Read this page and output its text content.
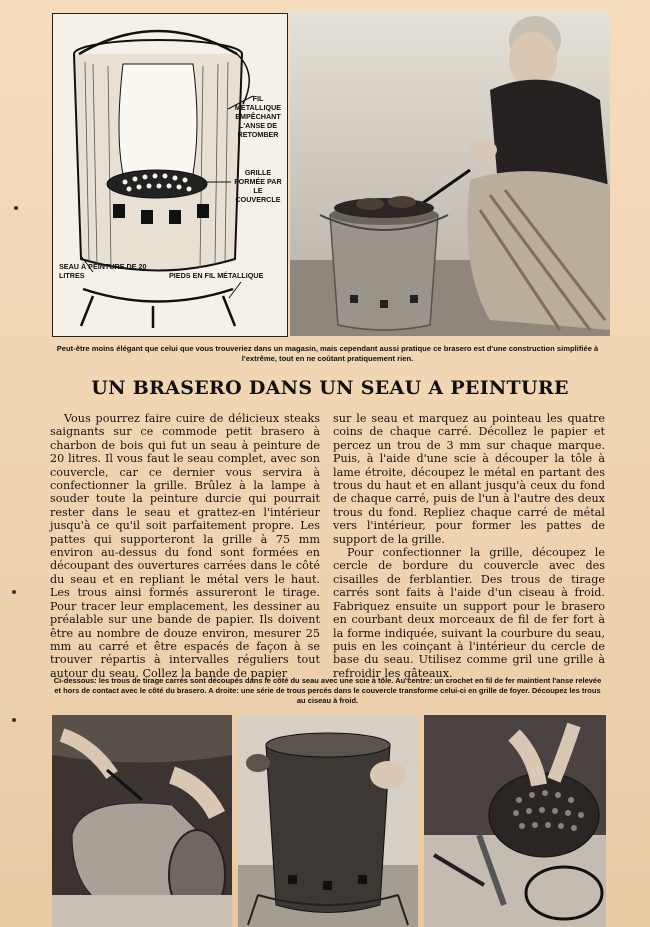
FIL MÉTALLIQUE EMPÊCHANT L'ANSE DE RETOMBER
GRILLE FORMÉE PAR LE COUVERCLE
SEAU À PEINTURE DE 20 LITRES	PIEDS EN FIL MÉTALLIQUE
Peut-être moins élégant que celui que vous trouveriez dans un magasin, mais cependant aussi pratique ce brasero est d'une construction simplifiée à l'extrême, tout en ne coûtant pratiquement rien.
UN BRASERO DANS UN SEAU A PEINTURE

Vous pourrez faire cuire de délicieux steaks saignants sur ce commode petit brasero à charbon de bois qui fut un seau à peinture de 20 litres. Il vous faut le seau complet, avec son couvercle, car ce dernier vous servira à confectionner la grille. Brûlez à la lampe à souder toute la peinture durcie qui pourrait rester dans le seau et grattez-en l'intérieur jusqu'à ce qu'il soit parfaitement propre. Les pattes qui supporteront la grille à 75 mm environ au-dessus du fond sont formées en découpant des ouvertures carrées dans le côté du seau et en repliant le métal vers le haut. Les trous ainsi formés assureront le tirage. Pour tracer leur emplacement, les dessiner au préalable sur une bande de papier. Ils doivent être au nombre de douze environ, mesurer 25 mm au carré et être espacés de façon à se trouver répartis à intervalles réguliers tout autour du seau. Collez la bande de papier

sur le seau et marquez au pointeau les quatre coins de chaque carré. Décollez le papier et percez un trou de 3 mm sur chaque marque. Puis, à l'aide d'une scie à découper la tôle à lame étroite, découpez le métal en partant des trous du haut et en allant jusqu'à ceux du fond de chaque carré, puis de l'un à l'autre des deux trous du fond. Repliez chaque carré de métal vers l'intérieur, pour former les pattes de support de la grille.

Pour confectionner la grille, découpez le cercle de bordure du couvercle avec des cisailles de ferblantier. Des trous de tirage carrés sont faits à l'aide d'un ciseau à froid. Fabriquez ensuite un support pour le brasero en courbant deux morceaux de fil de fer fort à la forme indiquée, suivant la courbure du seau, puis en les coinçant à l'intérieur du cercle de base du seau. Utilisez comme gril une grille à refroidir les gâteaux.

Ci-dessous: les trous de tirage carrés sont découpés dans le côté du seau avec une scie à tôle. Au centre: un crochet en fil de fer maintient l'anse relevée et hors de contact avec le côté du brasero. A droite: une série de trous percés dans le couvercle transforme celui-ci en grille de foyer. Découpez les trous au ciseau à froid.
